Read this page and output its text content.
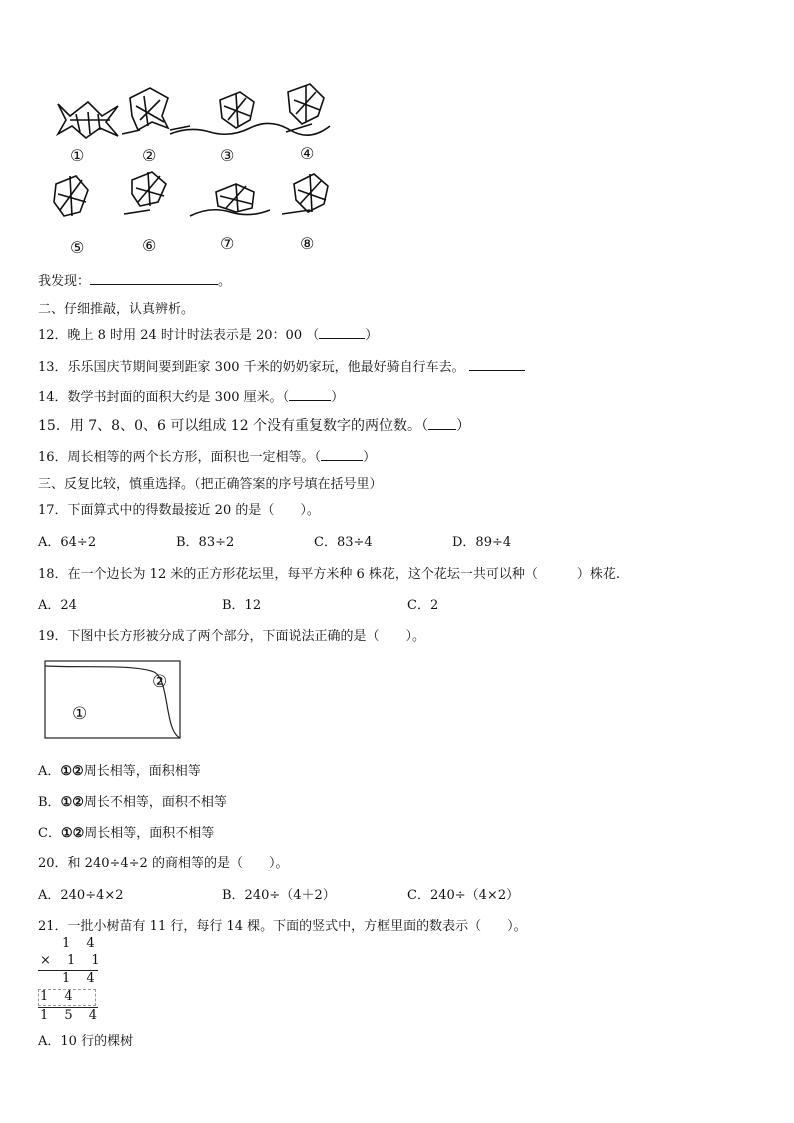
①	②	③	④
⑤	⑥	⑦	⑧
我发现：	。
二、仔细推敲，认真辨析。
12．晚上 8 时用 24 时计时法表示是 20：00 （	）
13．乐乐国庆节期间要到距家 300 千米的奶奶家玩，他最好骑自行车去。
14．数学书封面的面积大约是 300 厘米。（	）
15．用 7、8、0、6 可以组成 12 个没有重复数字的两位数。（ ）
16．周长相等的两个长方形，面积也一定相等。（	）
三、反复比较，慎重选择。（把正确答案的序号填在括号里）
17．下面算式中的得数最接近 20 的是（　　）。
A．64÷2	B．83÷2	C．83÷4	D．89÷4
18．在一个边长为 12 米的正方形花坛里，每平方米种 6 株花，这个花坛一共可以种（　　　）株花.
A．24	B．12	C．2
19．下图中长方形被分成了两个部分，下面说法正确的是（　　）。
①
②
A．①②周长相等，面积相等
B．①②周长不相等，面积不相等
C．①②周长相等，面积不相等
20．和 240÷4÷2 的商相等的是（　　）。
A．240÷4×2	B．240÷（4＋2）	C．240÷（4×2）
21．一批小树苗有 11 行，每行 14 棵。下面的竖式中，方框里面的数表示（　　）。
1 4
× 1 1
1 4
1 4
1 5 4
A．10 行的棵树
